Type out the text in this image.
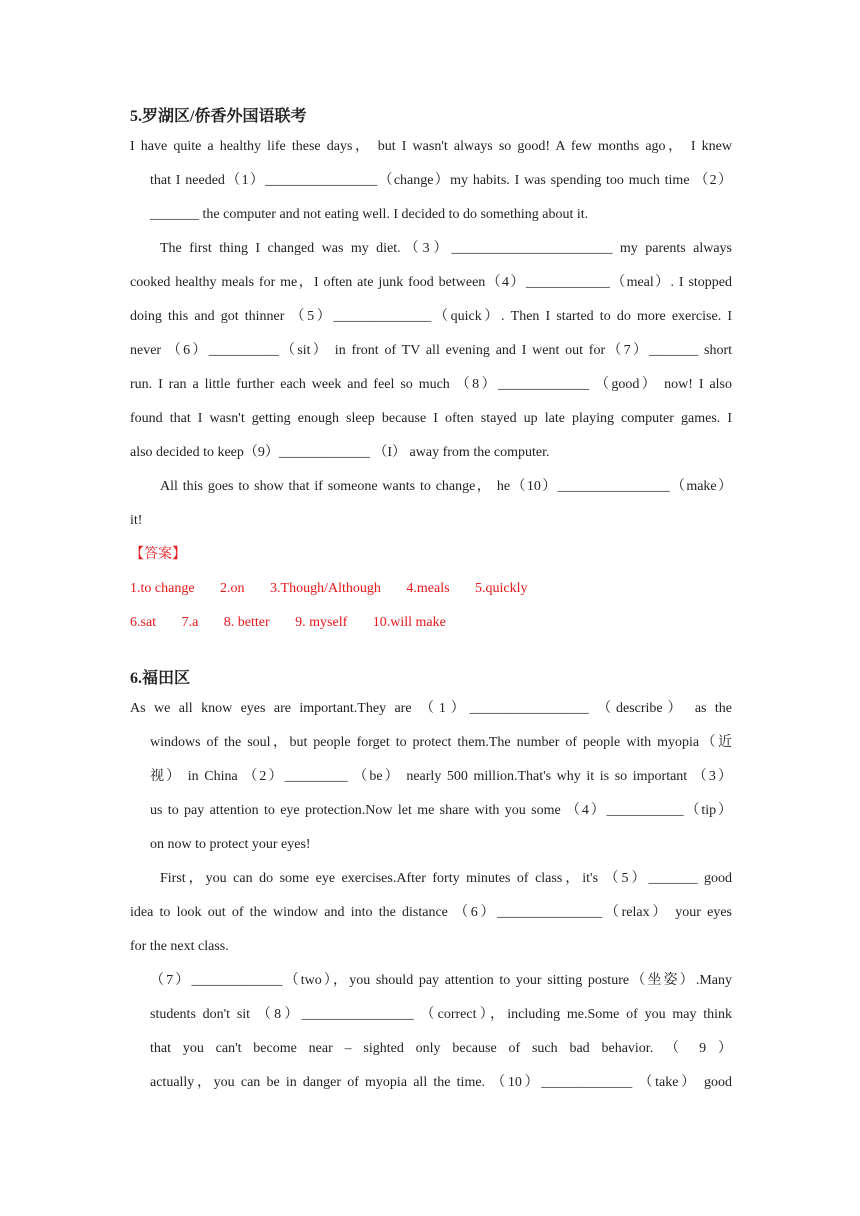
5.罗湖区/侨香外国语联考
I have quite a healthy life these days， but I wasn't always so good! A few months ago， I knew
that I needed（1）________________（change）my habits. I was spending too much time （2）
_______ the computer and not eating well. I decided to do something about it.
The first thing I changed was my diet.（3）_______________________ my parents always
cooked healthy meals for me，I often ate junk food between（4）____________（meal）. I stopped
doing this and got thinner （5）______________（quick）. Then I started to do more exercise. I
never （6）__________（sit） in front of TV all evening and I went out for（7）_______ short
run. I ran a little further each week and feel so much （8）_____________ （good） now! I also
found that I wasn't getting enough sleep because I often stayed up late playing computer games. I
also decided to keep（9）_____________ （I） away from the computer.
All this goes to show that if someone wants to change， he（10）________________（make）
it!
【答案】
1.to change 2.on 3.Though/Although 4.meals 5.quickly
6.sat 7.a 8. better 9. myself 10.will make
6.福田区
As we all know eyes are important.They are （1）_________________ （describe） as the
windows of the soul，but people forget to protect them.The number of people with myopia（近
视） in China （2）_________ （be） nearly 500 million.That's why it is so important （3）
us to pay attention to eye protection.Now let me share with you some （4）___________（tip）
on now to protect your eyes!
First，you can do some eye exercises.After forty minutes of class，it's （5）_______ good
idea to look out of the window and into the distance （6）_______________（relax） your eyes
for the next class.
（7）_____________（two），you should pay attention to your sitting posture（坐姿）.Many
students don't sit （8）________________ （correct），including me.Some of you may think
that you can't become near – sighted only because of such bad behavior. （ 9 ）
actually，you can be in danger of myopia all the time. （10）_____________ （take） good
